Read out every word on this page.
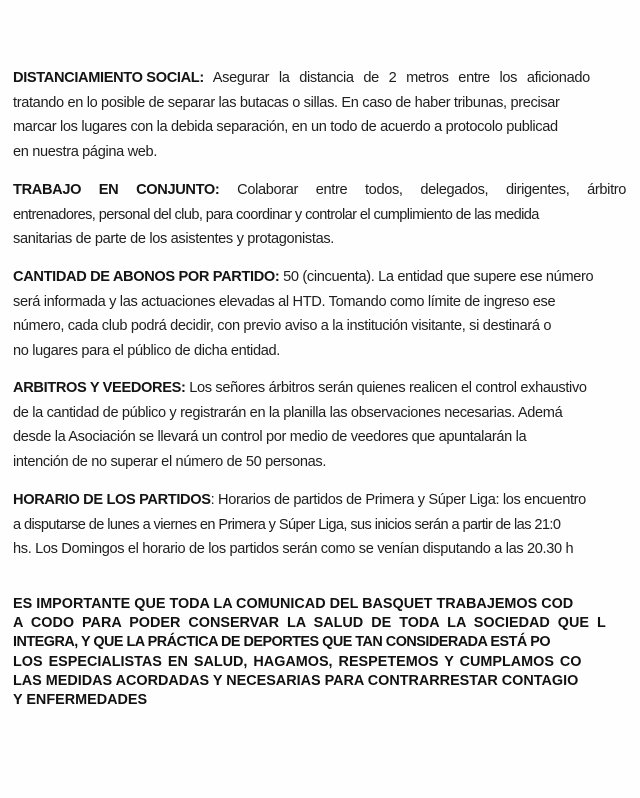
DISTANCIAMIENTO SOCIAL: Asegurar la distancia de 2 metros entre los aficionado
tratando en lo posible de separar las butacas o sillas. En caso de haber tribunas, precisar
marcar los lugares con la debida separación, en un todo de acuerdo a protocolo publicad
en nuestra página web.
TRABAJO EN CONJUNTO: Colaborar entre todos, delegados, dirigentes, árbitro
entrenadores, personal del club, para coordinar y controlar el cumplimiento de las medida
sanitarias de parte de los asistentes y protagonistas.
CANTIDAD DE ABONOS POR PARTIDO: 50 (cincuenta). La entidad que supere ese número
será informada y las actuaciones elevadas al HTD. Tomando como límite de ingreso ese
número, cada club podrá decidir, con previo aviso a la institución visitante, si destinará o
no lugares para el público de dicha entidad.
ARBITROS Y VEEDORES: Los señores árbitros serán quienes realicen el control exhaustivo
de la cantidad de público y registrarán en la planilla las observaciones necesarias. Ademá
desde la Asociación se llevará un control por medio de veedores que apuntalarán la
intención de no superar el número de 50 personas.
HORARIO DE LOS PARTIDOS: Horarios de partidos de Primera y Súper Liga: los encuentro
a disputarse de lunes a viernes en Primera y Súper Liga, sus inicios serán a partir de las 21:0
hs. Los Domingos el horario de los partidos serán como se venían disputando a las 20.30 h
ES IMPORTANTE QUE TODA LA COMUNICAD DEL BASQUET TRABAJEMOS COD
A CODO PARA PODER CONSERVAR LA SALUD DE TODA LA SOCIEDAD QUE L
INTEGRA, Y QUE LA PRÁCTICA DE DEPORTES QUE TAN CONSIDERADA ESTÁ PO
LOS ESPECIALISTAS EN SALUD, HAGAMOS, RESPETEMOS Y CUMPLAMOS CO
LAS MEDIDAS ACORDADAS Y NECESARIAS PARA CONTRARRESTAR CONTAGIO
Y ENFERMEDADES
